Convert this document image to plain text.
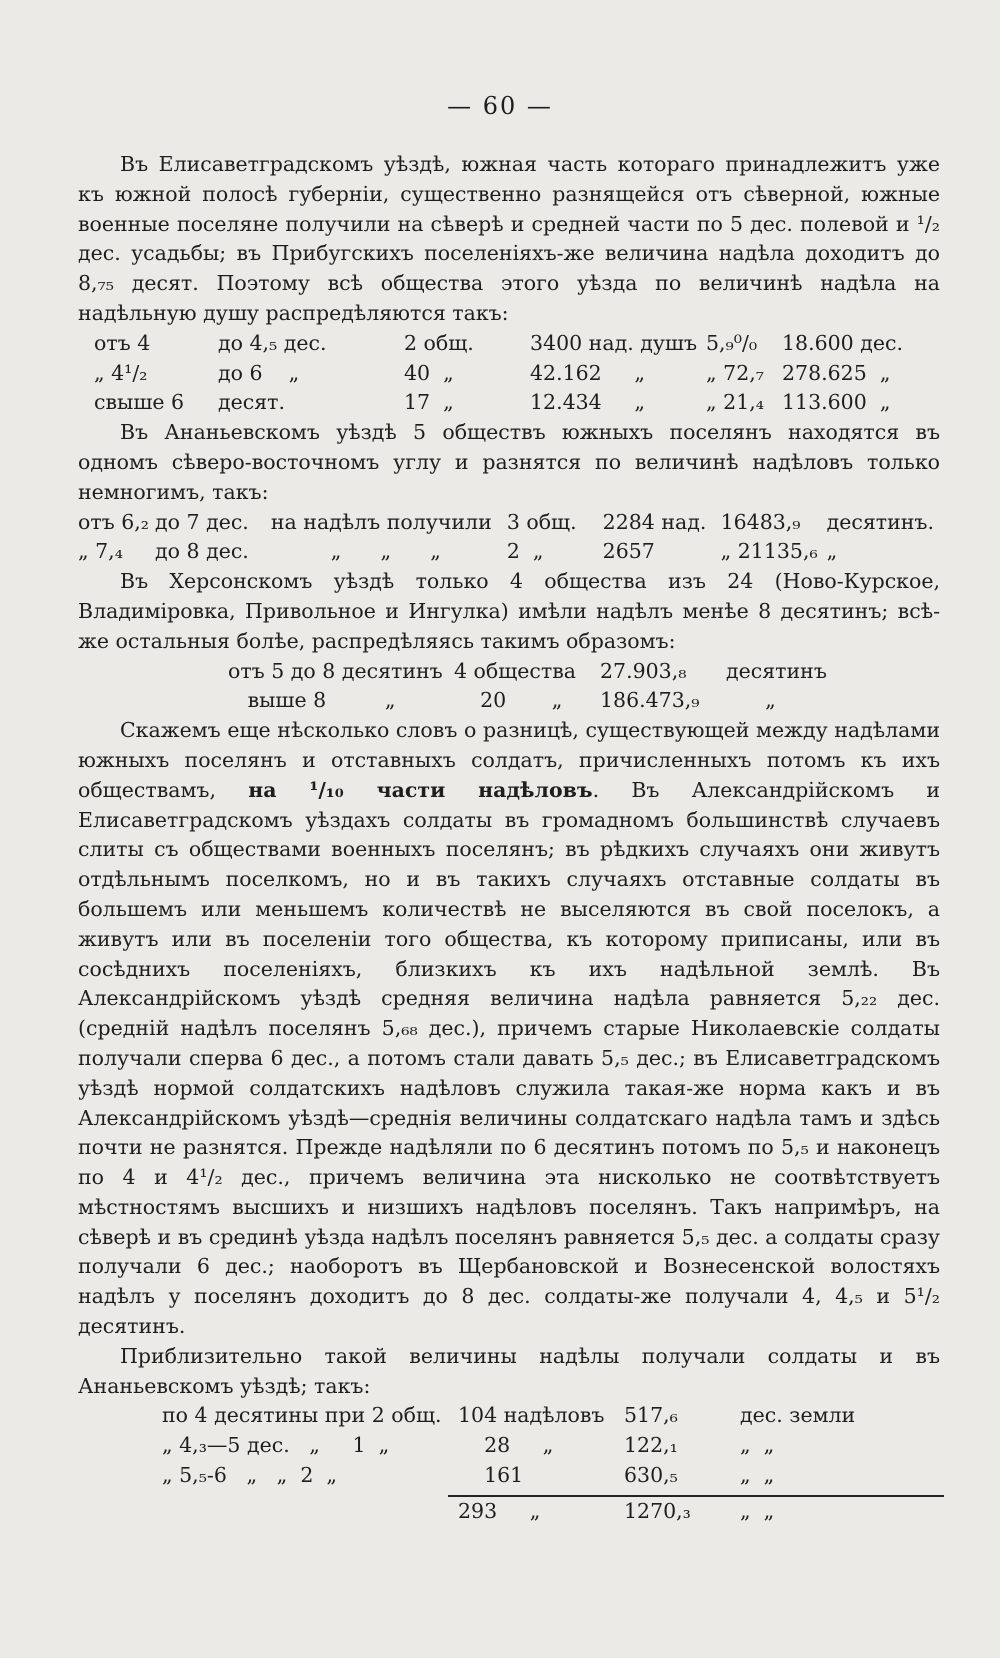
— 60 —

Въ Елисаветградскомъ уѣздѣ, южная часть котораго принадлежитъ уже къ южной полосѣ губерніи, существенно разнящейся отъ сѣверной, южные военные поселяне получили на сѣверѣ и средней части по 5 дес. полевой и ¹/₂ дес. усадьбы; въ Прибугскихъ поселеніяхъ-же величина надѣла доходитъ до 8,₇₅ десят. Поэтому всѣ общества этого уѣзда по величинѣ надѣла на надѣльную душу распредѣляются такъ:

отъ 4	до 4,₅ дес.	2 общ.	3400 над. душъ	5,₉⁰/₀	18.600 дес.
„ 4¹/₂	до 6 „	40 „	42.162 „	„ 72,₇	278.625 „
свыше 6	десят.	17 „	12.434 „	„ 21,₄	113.600 „

Въ Ананьевскомъ уѣздѣ 5 обществъ южныхъ поселянъ находятся въ одномъ сѣверо-восточномъ углу и разнятся по величинѣ надѣловъ только немногимъ, такъ:

отъ 6,₂	до 7 дес.	на надѣлъ получили	3 общ.	2284 над.	16483,₉	десятинъ.
„ 7,₄	до 8 дес.	„ „ „	2 „	2657	„ 21135,₆	„

Въ Херсонскомъ уѣздѣ только 4 общества изъ 24 (Ново-Курское, Владиміровка, Привольное и Ингулка) имѣли надѣлъ менѣе 8 десятинъ; всѣ-же остальныя болѣе, распредѣляясь такимъ образомъ:

отъ 5 до 8 десятинъ	4 общества	27.903,₈	десятинъ
выше 8 „	20 „	186.473,₉	„

Скажемъ еще нѣсколько словъ о разницѣ, существующей между надѣлами южныхъ поселянъ и отставныхъ солдатъ, причисленныхъ потомъ къ ихъ обществамъ, на ¹/₁₀ части надѣловъ. Въ Александрійскомъ и Елисаветградскомъ уѣздахъ солдаты въ громадномъ большинствѣ случаевъ слиты съ обществами военныхъ поселянъ; въ рѣдкихъ случаяхъ они живутъ отдѣльнымъ поселкомъ, но и въ такихъ случаяхъ отставные солдаты въ большемъ или меньшемъ количествѣ не выселяются въ свой поселокъ, а живутъ или въ поселеніи того общества, къ которому приписаны, или въ сосѣднихъ поселеніяхъ, близкихъ къ ихъ надѣльной землѣ. Въ Александрійскомъ уѣздѣ средняя величина надѣла равняется 5,₂₂ дес. (средній надѣлъ поселянъ 5,₆₈ дес.), причемъ старые Николаевскіе солдаты получали сперва 6 дес., а потомъ стали давать 5,₅ дес.; въ Елисаветградскомъ уѣздѣ нормой солдатскихъ надѣловъ служила такая-же норма какъ и въ Александрійскомъ уѣздѣ—среднія величины солдатскаго надѣла тамъ и здѣсь почти не разнятся. Прежде надѣляли по 6 десятинъ потомъ по 5,₅ и наконецъ по 4 и 4¹/₂ дес., причемъ величина эта нисколько не соотвѣтствуетъ мѣстностямъ высшихъ и низшихъ надѣловъ поселянъ. Такъ напримѣръ, на сѣверѣ и въ срединѣ уѣзда надѣлъ поселянъ равняется 5,₅ дес. а солдаты сразу получали 6 дес.; наоборотъ въ Щербановской и Вознесенской волостяхъ надѣлъ у поселянъ доходитъ до 8 дес. солдаты-же получали 4, 4,₅ и 5¹/₂ десятинъ.

Приблизительно такой величины надѣлы получали солдаты и въ Ананьевскомъ уѣздѣ; такъ:

по 4 десятины при 2 общ.	104 надѣловъ	517,₆	дес. земли
„ 4,₃—5 дес. „ 1 „	28 „	122,₁	„ „
„ 5,₅-6 „ „ 2 „	161	630,₅	„ „
	293 „	1270,₃	„ „
